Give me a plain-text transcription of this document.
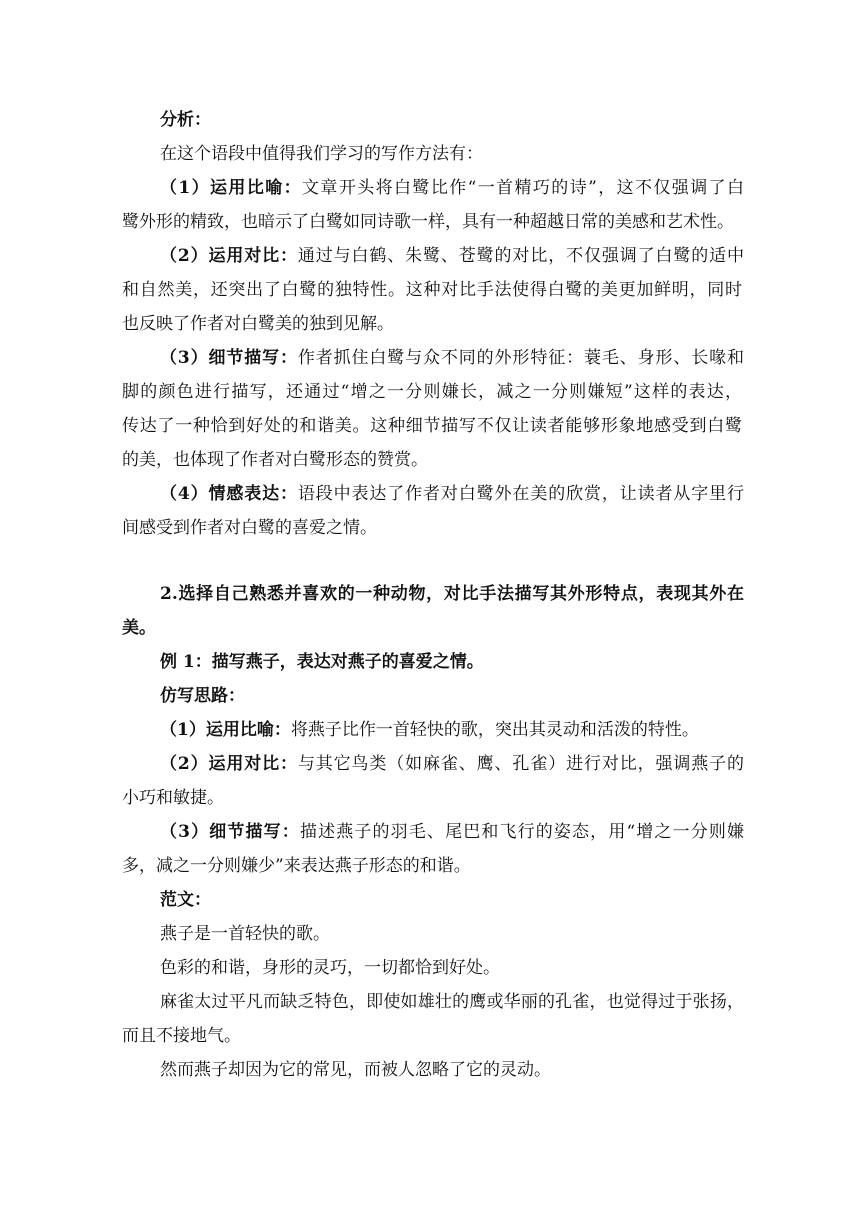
分析：
在这个语段中值得我们学习的写作方法有：
（1）运用比喻：文章开头将白鹭比作“一首精巧的诗”，这不仅强调了白
鹭外形的精致，也暗示了白鹭如同诗歌一样，具有一种超越日常的美感和艺术性。
（2）运用对比：通过与白鹤、朱鹭、苍鹭的对比，不仅强调了白鹭的适中
和自然美，还突出了白鹭的独特性。这种对比手法使得白鹭的美更加鲜明，同时
也反映了作者对白鹭美的独到见解。
（3）细节描写：作者抓住白鹭与众不同的外形特征：蓑毛、身形、长喙和
脚的颜色进行描写，还通过“增之一分则嫌长，减之一分则嫌短”这样的表达，
传达了一种恰到好处的和谐美。这种细节描写不仅让读者能够形象地感受到白鹭
的美，也体现了作者对白鹭形态的赞赏。
（4）情感表达：语段中表达了作者对白鹭外在美的欣赏，让读者从字里行
间感受到作者对白鹭的喜爱之情。
2.选择自己熟悉并喜欢的一种动物，对比手法描写其外形特点，表现其外在
美。
例 1：描写燕子，表达对燕子的喜爱之情。
仿写思路：
（1）运用比喻：将燕子比作一首轻快的歌，突出其灵动和活泼的特性。
（2）运用对比：与其它鸟类（如麻雀、鹰、孔雀）进行对比，强调燕子的
小巧和敏捷。
（3）细节描写：描述燕子的羽毛、尾巴和飞行的姿态，用“增之一分则嫌
多，减之一分则嫌少”来表达燕子形态的和谐。
范文：
燕子是一首轻快的歌。
色彩的和谐，身形的灵巧，一切都恰到好处。
麻雀太过平凡而缺乏特色，即使如雄壮的鹰或华丽的孔雀，也觉得过于张扬，
而且不接地气。
然而燕子却因为它的常见，而被人忽略了它的灵动。
